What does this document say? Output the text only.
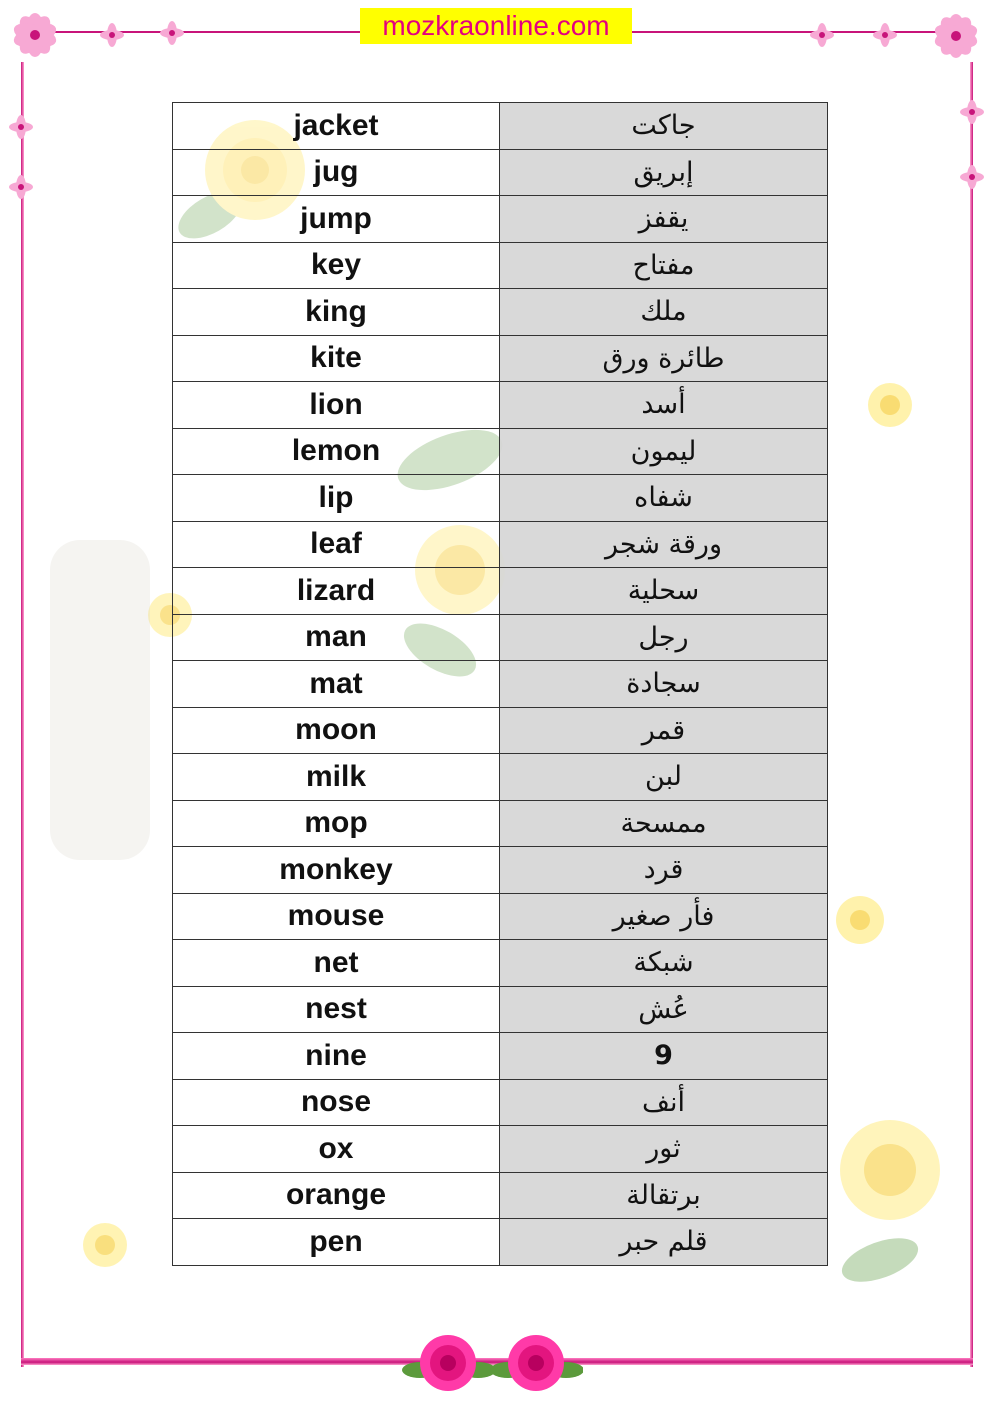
mozkraonline.com
jacket	جاكت
jug	إبريق
jump	يقفز
key	مفتاح
king	ملك
kite	طائرة ورق
lion	أسد
lemon	ليمون
lip	شفاه
leaf	ورقة شجر
lizard	سحلية
man	رجل
mat	سجادة
moon	قمر
milk	لبن
mop	ممسحة
monkey	قرد
mouse	فأر صغير
net	شبكة
nest	عُش
nine	9
nose	أنف
ox	ثور
orange	برتقالة
pen	قلم حبر
